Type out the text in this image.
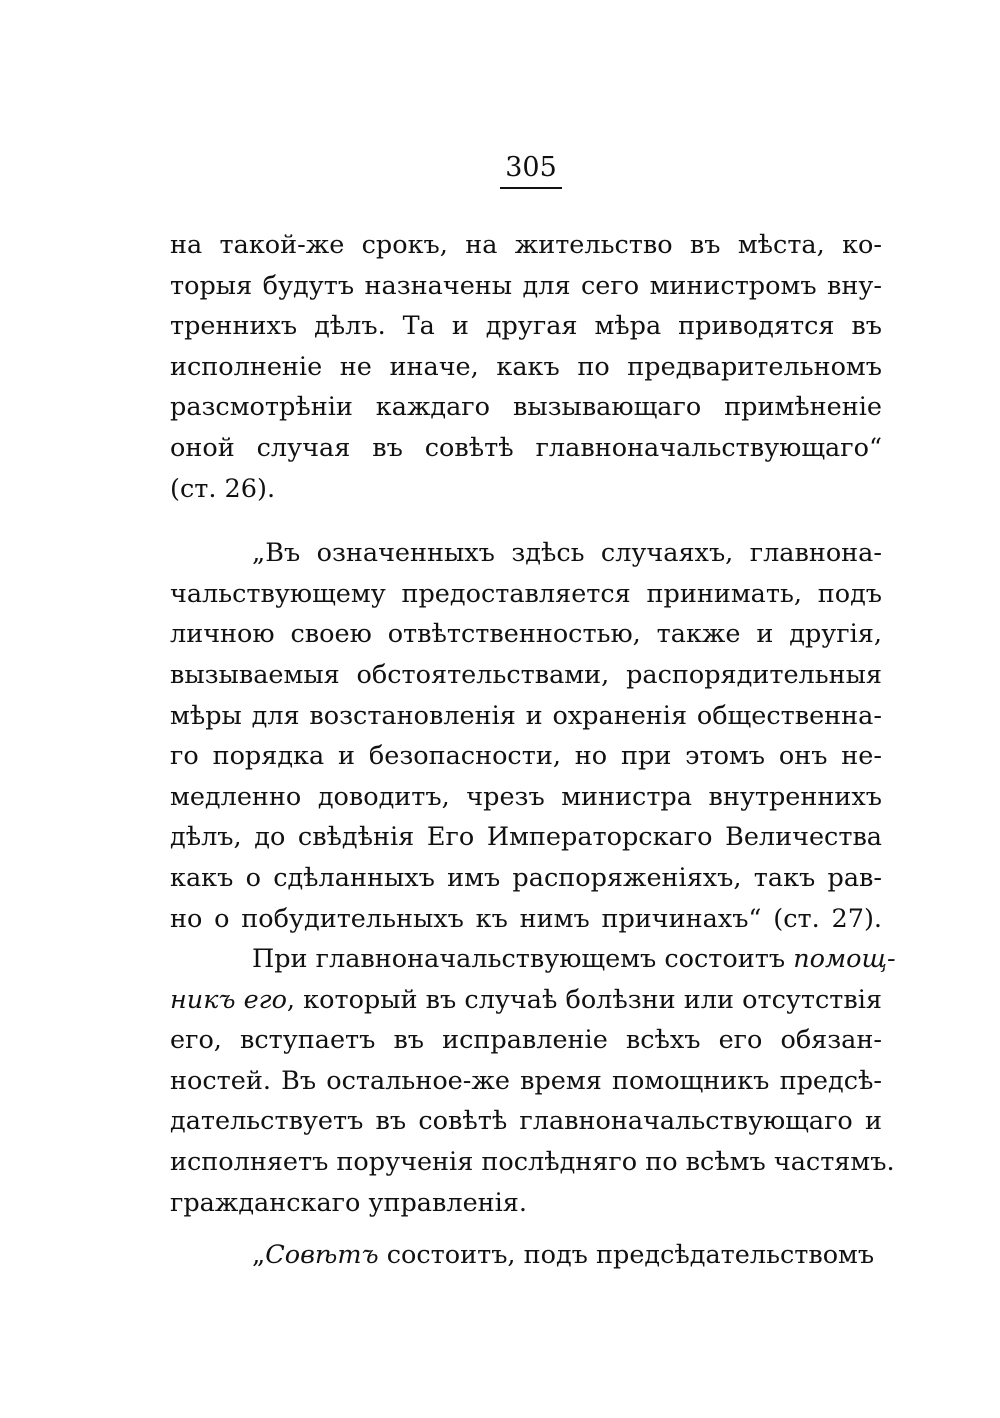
305
на такой-же срокъ, на жительство въ мѣста, ко-
торыя будутъ назначены для сего министромъ вну-
треннихъ дѣлъ. Та и другая мѣра приводятся въ
исполненіе не иначе, какъ по предварительномъ
разсмотрѣніи каждаго вызывающаго примѣненіе
оной случая въ совѣтѣ главноначальствующаго“
(ст. 26).
„Въ означенныхъ здѣсь случаяхъ, главнона-
чальствующему предоставляется принимать, подъ
личною своею отвѣтственностью, также и другія,
вызываемыя обстоятельствами, распорядительныя
мѣры для возстановленія и охраненія общественна-
го порядка и безопасности, но при этомъ онъ не-
медленно доводитъ, чрезъ министра внутреннихъ
дѣлъ, до свѣдѣнія Его Императорскаго Величества
какъ о сдѣланныхъ имъ распоряженіяхъ, такъ рав-
но о побудительныхъ къ нимъ причинахъ“ (ст. 27).
При главноначальствующемъ состоитъ помощ-
никъ его, который въ случаѣ болѣзни или отсутствія
его, вступаетъ въ исправленіе всѣхъ его обязан-
ностей. Въ остальное-же время помощникъ предсѣ-
дательствуетъ въ совѣтѣ главноначальствующаго и
исполняетъ порученія послѣдняго по всѣмъ частямъ.
гражданскаго управленія.
„Совѣтъ состоитъ, подъ предсѣдательствомъ
